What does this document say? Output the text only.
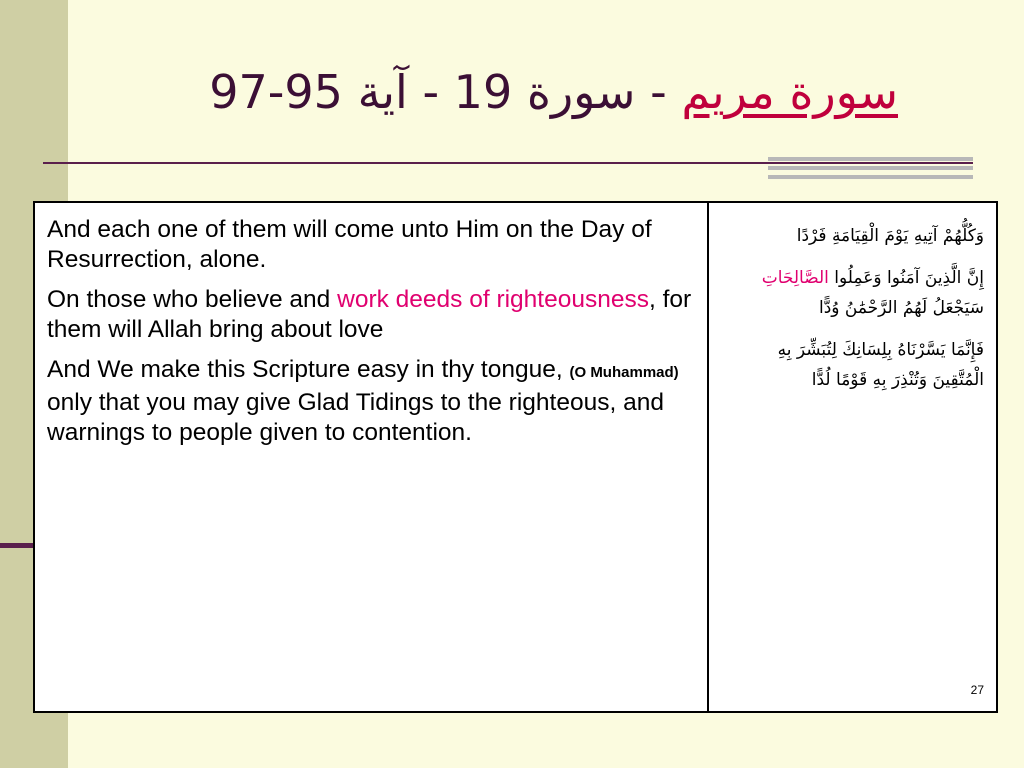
سورة مريم - سورة 19 - آية 95-97

And each one of them will come unto Him on the Day of Resurrection, alone.

On those who believe and work deeds of righteousness, for them will Allah bring about love

And We make this Scripture easy in thy tongue, (O Muhammad) only that you may give Glad Tidings to the righteous, and warnings to people given to contention.

وَكُلُّهُمْ آتِيهِ يَوْمَ الْقِيَامَةِ فَرْدًا

إِنَّ الَّذِينَ آمَنُوا وَعَمِلُوا الصَّالِحَاتِ سَيَجْعَلُ لَهُمُ الرَّحْمَٰنُ وُدًّا

فَإِنَّمَا يَسَّرْنَاهُ بِلِسَانِكَ لِتُبَشِّرَ بِهِ الْمُتَّقِينَ وَتُنْذِرَ بِهِ قَوْمًا لُدًّا

27
